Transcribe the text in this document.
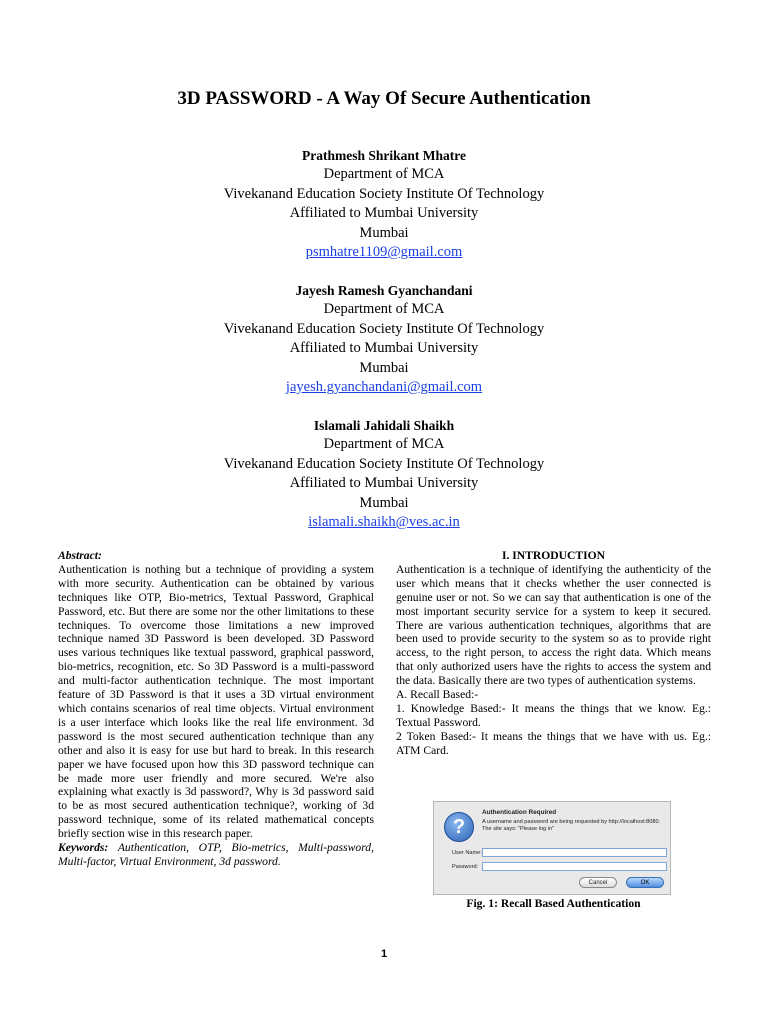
3D PASSWORD - A Way Of Secure Authentication
Prathmesh Shrikant Mhatre
Department of MCA
Vivekanand Education Society Institute Of Technology
Affiliated to Mumbai University
Mumbai
psmhatre1109@gmail.com
Jayesh Ramesh Gyanchandani
Department of MCA
Vivekanand Education Society Institute Of Technology
Affiliated to Mumbai University
Mumbai
jayesh.gyanchandani@gmail.com
Islamali Jahidali Shaikh
Department of MCA
Vivekanand Education Society Institute Of Technology
Affiliated to Mumbai University
Mumbai
islamali.shaikh@ves.ac.in
Abstract:

Authentication is nothing but a technique of providing a system with more security. Authentication can be obtained by various techniques like OTP, Bio-metrics, Textual Password, Graphical Password, etc. But there are some nor the other limitations to these techniques. To overcome those limitations a new improved technique named 3D Password is been developed. 3D Password uses various techniques like textual password, graphical password, bio-metrics, recognition, etc. So 3D Password is a multi-password and multi-factor authentication technique. The most important feature of 3D Password is that it uses a 3D virtual environment which contains scenarios of real time objects. Virtual environment is a user interface which looks like the real life environment. 3d password is the most secured authentication technique than any other and also it is easy for use but hard to break. In this research paper we have focused upon how this 3D password technique can be made more user friendly and more secured. We're also explaining what exactly is 3d password?, Why is 3d password said to be as most secured authentication technique?, working of 3d password technique, some of its related mathematical concepts briefly section wise in this research paper.

Keywords: Authentication, OTP, Bio-metrics, Multi-password, Multi-factor, Virtual Environment, 3d password.

I. INTRODUCTION

Authentication is a technique of identifying the authenticity of the user which means that it checks whether the user connected is genuine user or not. So we can say that authentication is one of the most important security service for a system to keep it secured. There are various authentication techniques, algorithms that are been used to provide security to the system so as to provide right access, to the right person, to access the right data. Which means that only authorized users have the rights to access the system and the data. Basically there are two types of authentication systems.

A. Recall Based:-

1. Knowledge Based:- It means the things that we know. Eg.: Textual Password.

2 Token Based:- It means the things that we have with us. Eg.: ATM Card.

?
Authentication Required
A username and password are being requested by http://localhost:8080. The site says: "Please log in"
User Name:
Password:
Cancel	OK
Fig. 1: Recall Based Authentication
1
